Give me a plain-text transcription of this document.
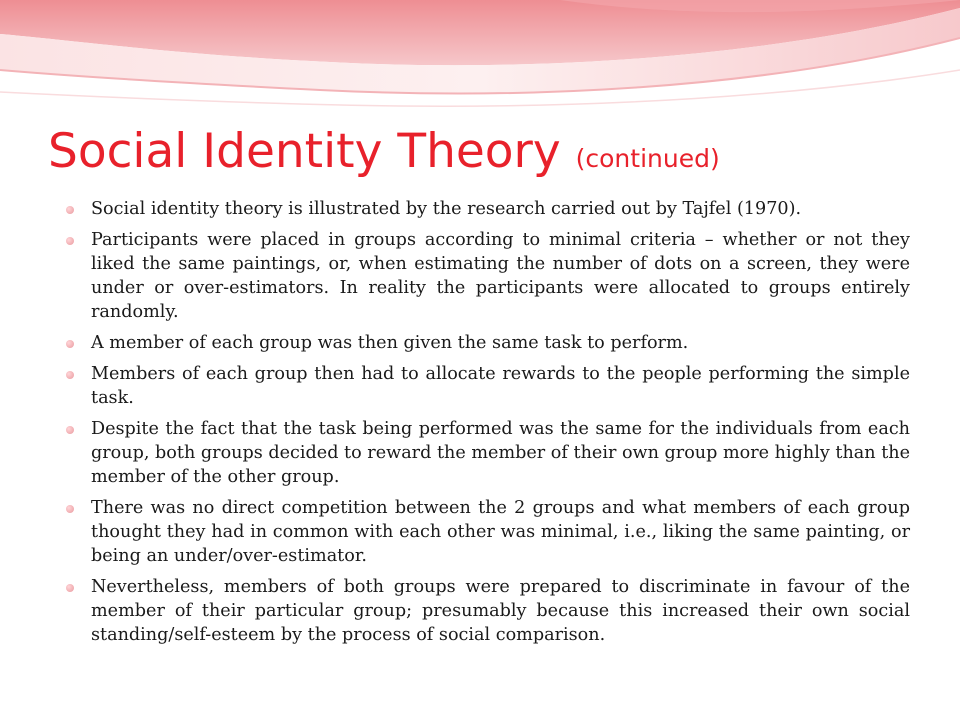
Social Identity Theory (continued)
Social identity theory is illustrated by the research carried out by Tajfel (1970).
Participants were placed in groups according to minimal criteria – whether or not they liked the same paintings, or, when estimating the number of dots on a screen, they were under or over-estimators. In reality the participants were allocated to groups entirely randomly.
A member of each group was then given the same task to perform.
Members of each group then had to allocate rewards to the people performing the simple task.
Despite the fact that the task being performed was the same for the individuals from each group, both groups decided to reward the member of their own group more highly than the member of the other group.
There was no direct competition between the 2 groups and what members of each group thought they had in common with each other was minimal, i.e., liking the same painting, or being an under/over-estimator.
Nevertheless, members of both groups were prepared to discriminate in favour of the member of their particular group; presumably because this increased their own social standing/self-esteem by the process of social comparison.
